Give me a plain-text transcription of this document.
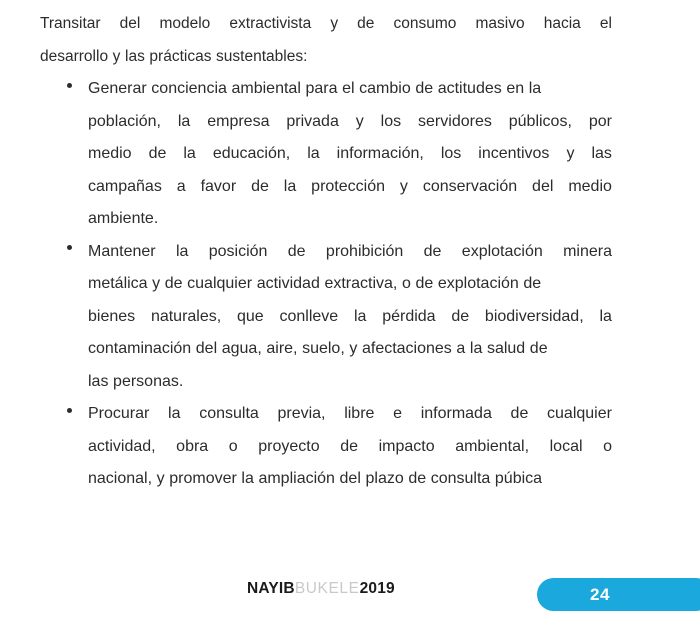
Transitar del modelo extractivista y de consumo masivo hacia el
desarrollo y las prácticas sustentables:
Generar conciencia ambiental para el cambio de actitudes en la
población, la empresa privada y los servidores públicos, por
medio de la educación, la información, los incentivos y las
campañas a favor de la protección y conservación del medio
ambiente.
Mantener la posición de prohibición de explotación minera
metálica y de cualquier actividad extractiva, o de explotación de
bienes naturales, que conlleve la pérdida de biodiversidad, la
contaminación del agua, aire, suelo, y afectaciones a la salud de
las personas.
Procurar la consulta previa, libre e informada de cualquier
actividad, obra o proyecto de impacto ambiental, local o
nacional, y promover la ampliación del plazo de consulta púbica
NAYIBBUKELE2019	24
